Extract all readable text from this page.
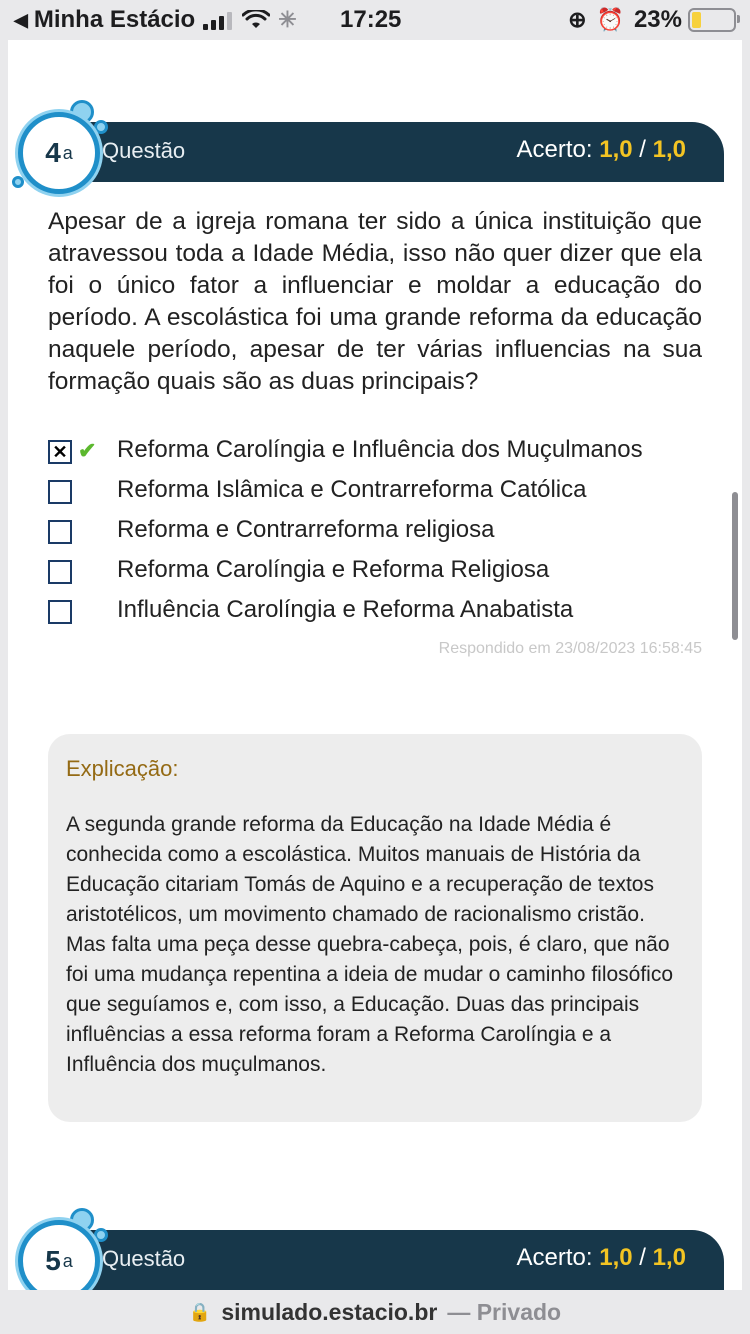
◀ Minha Estácio	✳ 17:25	⊕ ⏰ 23%
Questão	Acerto: 1,0 / 1,0
4 a
Apesar de a igreja romana ter sido a única instituição que atravessou toda a Idade Média, isso não quer dizer que ela foi o único fator a influenciar e moldar a educação do período. A escolástica foi uma grande reforma da educação naquele período, apesar de ter várias influencias na sua formação quais são as duas principais?
✕ ✔ Reforma Carolíngia e Influência dos Muçulmanos
Reforma Islâmica e Contrarreforma Católica
Reforma e Contrarreforma religiosa
Reforma Carolíngia e Reforma Religiosa
Influência Carolíngia e Reforma Anabatista
Respondido em 23/08/2023 16:58:45
Explicação:
A segunda grande reforma da Educação na Idade Média é conhecida como a escolástica. Muitos manuais de História da Educação citariam Tomás de Aquino e a recuperação de textos aristotélicos, um movimento chamado de racionalismo cristão. Mas falta uma peça desse quebra-cabeça, pois, é claro, que não foi uma mudança repentina a ideia de mudar o caminho filosófico que seguíamos e, com isso, a Educação. Duas das principais influências a essa reforma foram a Reforma Carolíngia e a Influência dos muçulmanos.
Questão	Acerto: 1,0 / 1,0
5 a
🔒 simulado.estacio.br — Privado
